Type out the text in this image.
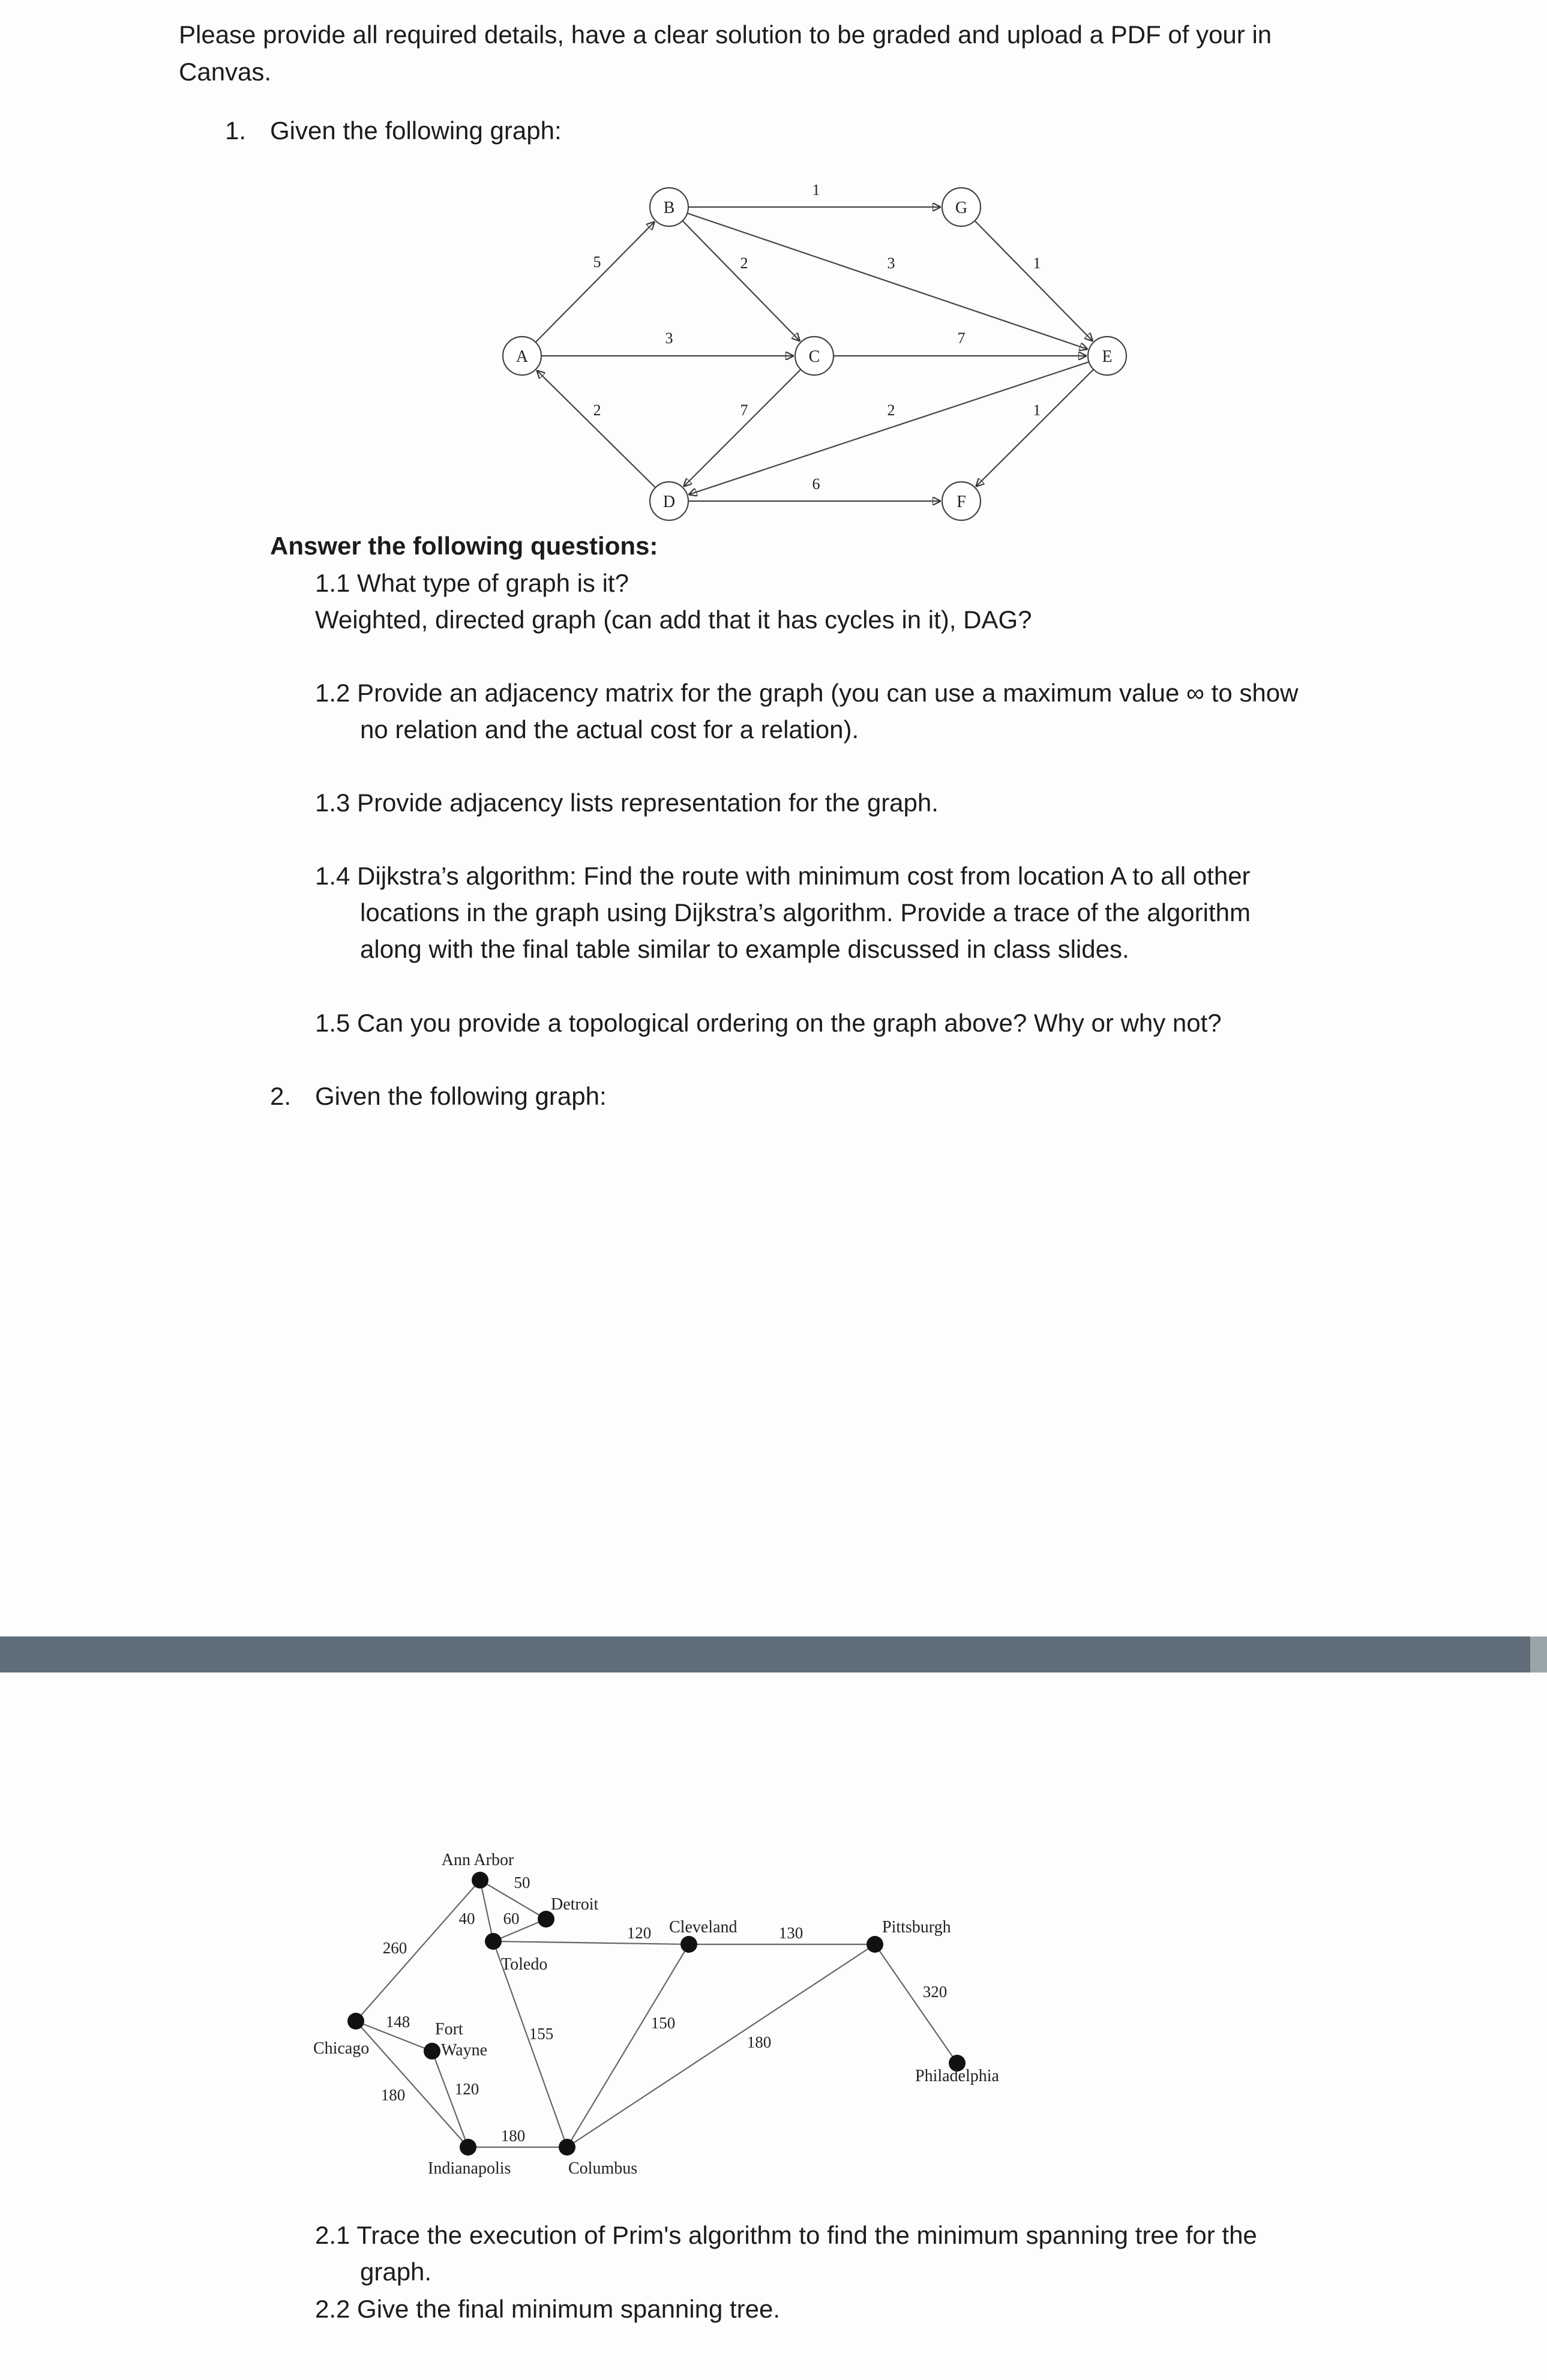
Please provide all required details, have a clear solution to be graded and upload a PDF of your in

Canvas.

1. Given the following graph:

A
B
C
D
E
F
G
5
3
2
1
2	3
7
7	2
6
1
1

Answer the following questions:

1.1 What type of graph is it?

Weighted, directed graph (can add that it has cycles in it), DAG?

1.2 Provide an adjacency matrix for the graph (you can use a maximum value ∞ to show

no relation and the actual cost for a relation).

1.3 Provide adjacency lists representation for the graph.

1.4 Dijkstra’s algorithm: Find the route with minimum cost from location A to all other

locations in the graph using Dijkstra’s algorithm. Provide a trace of the algorithm

along with the final table similar to example discussed in class slides.

1.5 Can you provide a topological ordering on the graph above? Why or why not?

2. Given the following graph:

50
40 60
260
120
155
130
150
180
320
148
180	120
180
Ann Arbor
Detroit
Toledo
Cleveland	Pittsburgh
Philadelphia
Chicago
Fort
Wayne
Indianapolis	Columbus

2.1 Trace the execution of Prim's algorithm to find the minimum spanning tree for the

graph.

2.2 Give the final minimum spanning tree.
